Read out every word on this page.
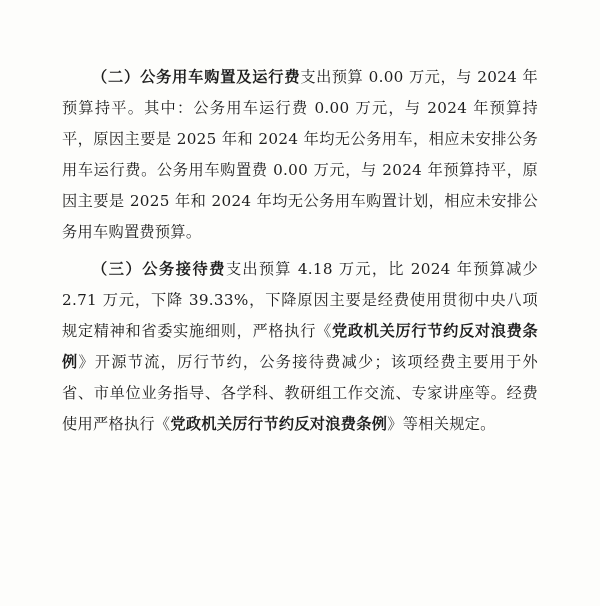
（二）公务用车购置及运行费支出预算 0.00 万元，与 2024 年预算持平。其中：公务用车运行费 0.00 万元，与 2024 年预算持平，原因主要是 2025 年和 2024 年均无公务用车，相应未安排公务用车运行费。公务用车购置费 0.00 万元，与 2024 年预算持平，原因主要是 2025 年和 2024 年均无公务用车购置计划，相应未安排公务用车购置费预算。

（三）公务接待费支出预算 4.18 万元，比 2024 年预算减少 2.71 万元，下降 39.33%，下降原因主要是经费使用贯彻中央八项规定精神和省委实施细则，严格执行《党政机关厉行节约反对浪费条例》开源节流，厉行节约，公务接待费减少；该项经费主要用于外省、市单位业务指导、各学科、教研组工作交流、专家讲座等。经费使用严格执行《党政机关厉行节约反对浪费条例》等相关规定。
